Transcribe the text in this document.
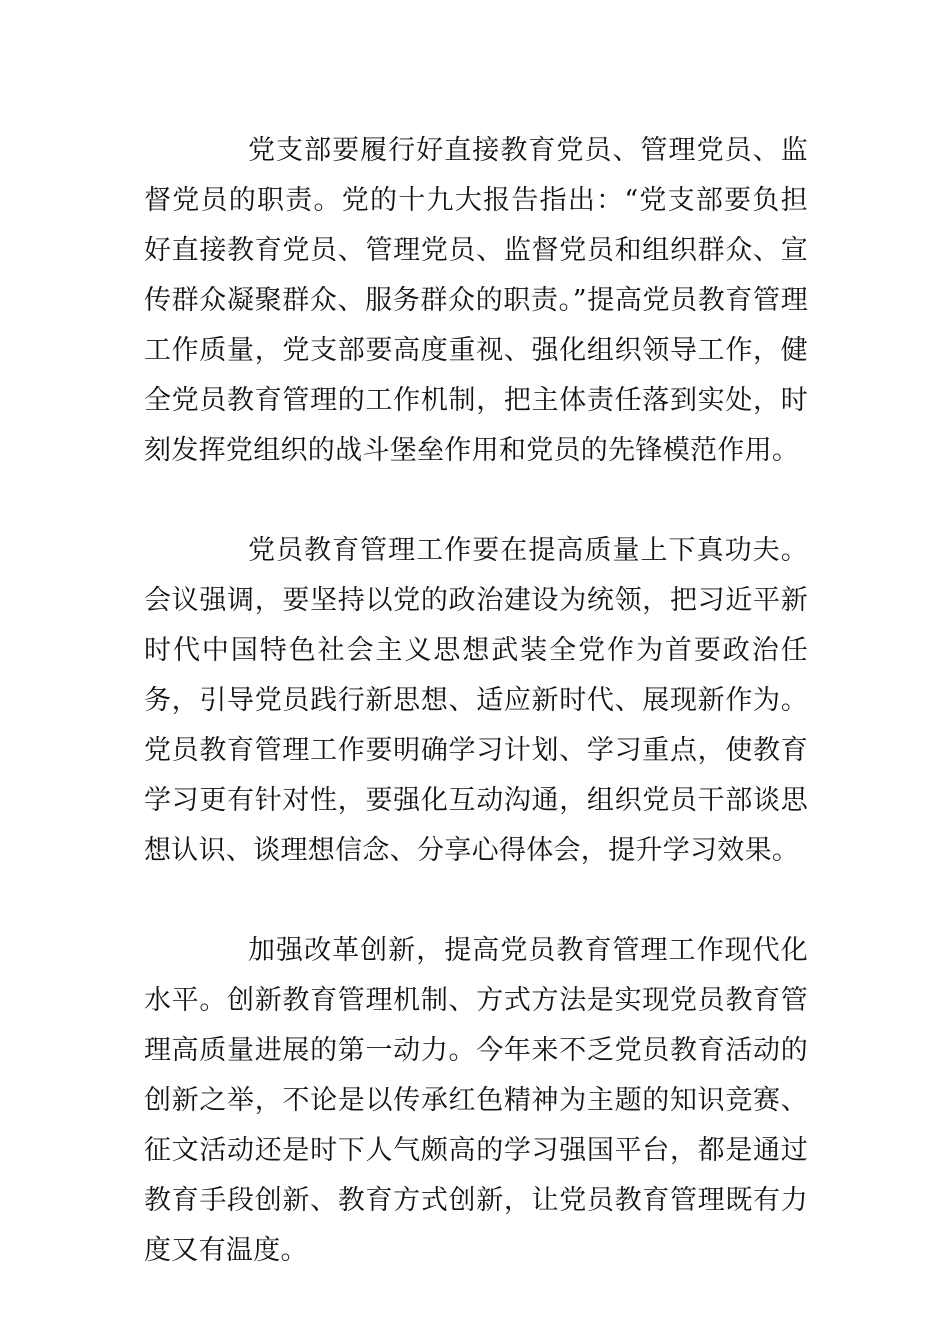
党支部要履行好直接教育党员、管理党员、监督党员的职责。党的十九大报告指出：“党支部要负担好直接教育党员、管理党员、监督党员和组织群众、宣传群众凝聚群众、服务群众的职责。”提高党员教育管理工作质量，党支部要高度重视、强化组织领导工作，健全党员教育管理的工作机制，把主体责任落到实处，时刻发挥党组织的战斗堡垒作用和党员的先锋模范作用。

党员教育管理工作要在提高质量上下真功夫。会议强调，要坚持以党的政治建设为统领，把习近平新时代中国特色社会主义思想武装全党作为首要政治任务，引导党员践行新思想、适应新时代、展现新作为。党员教育管理工作要明确学习计划、学习重点，使教育学习更有针对性，要强化互动沟通，组织党员干部谈思想认识、谈理想信念、分享心得体会，提升学习效果。

加强改革创新，提高党员教育管理工作现代化水平。创新教育管理机制、方式方法是实现党员教育管理高质量进展的第一动力。今年来不乏党员教育活动的创新之举，不论是以传承红色精神为主题的知识竞赛、征文活动还是时下人气颇高的学习强国平台，都是通过教育手段创新、教育方式创新，让党员教育管理既有力度又有温度。
